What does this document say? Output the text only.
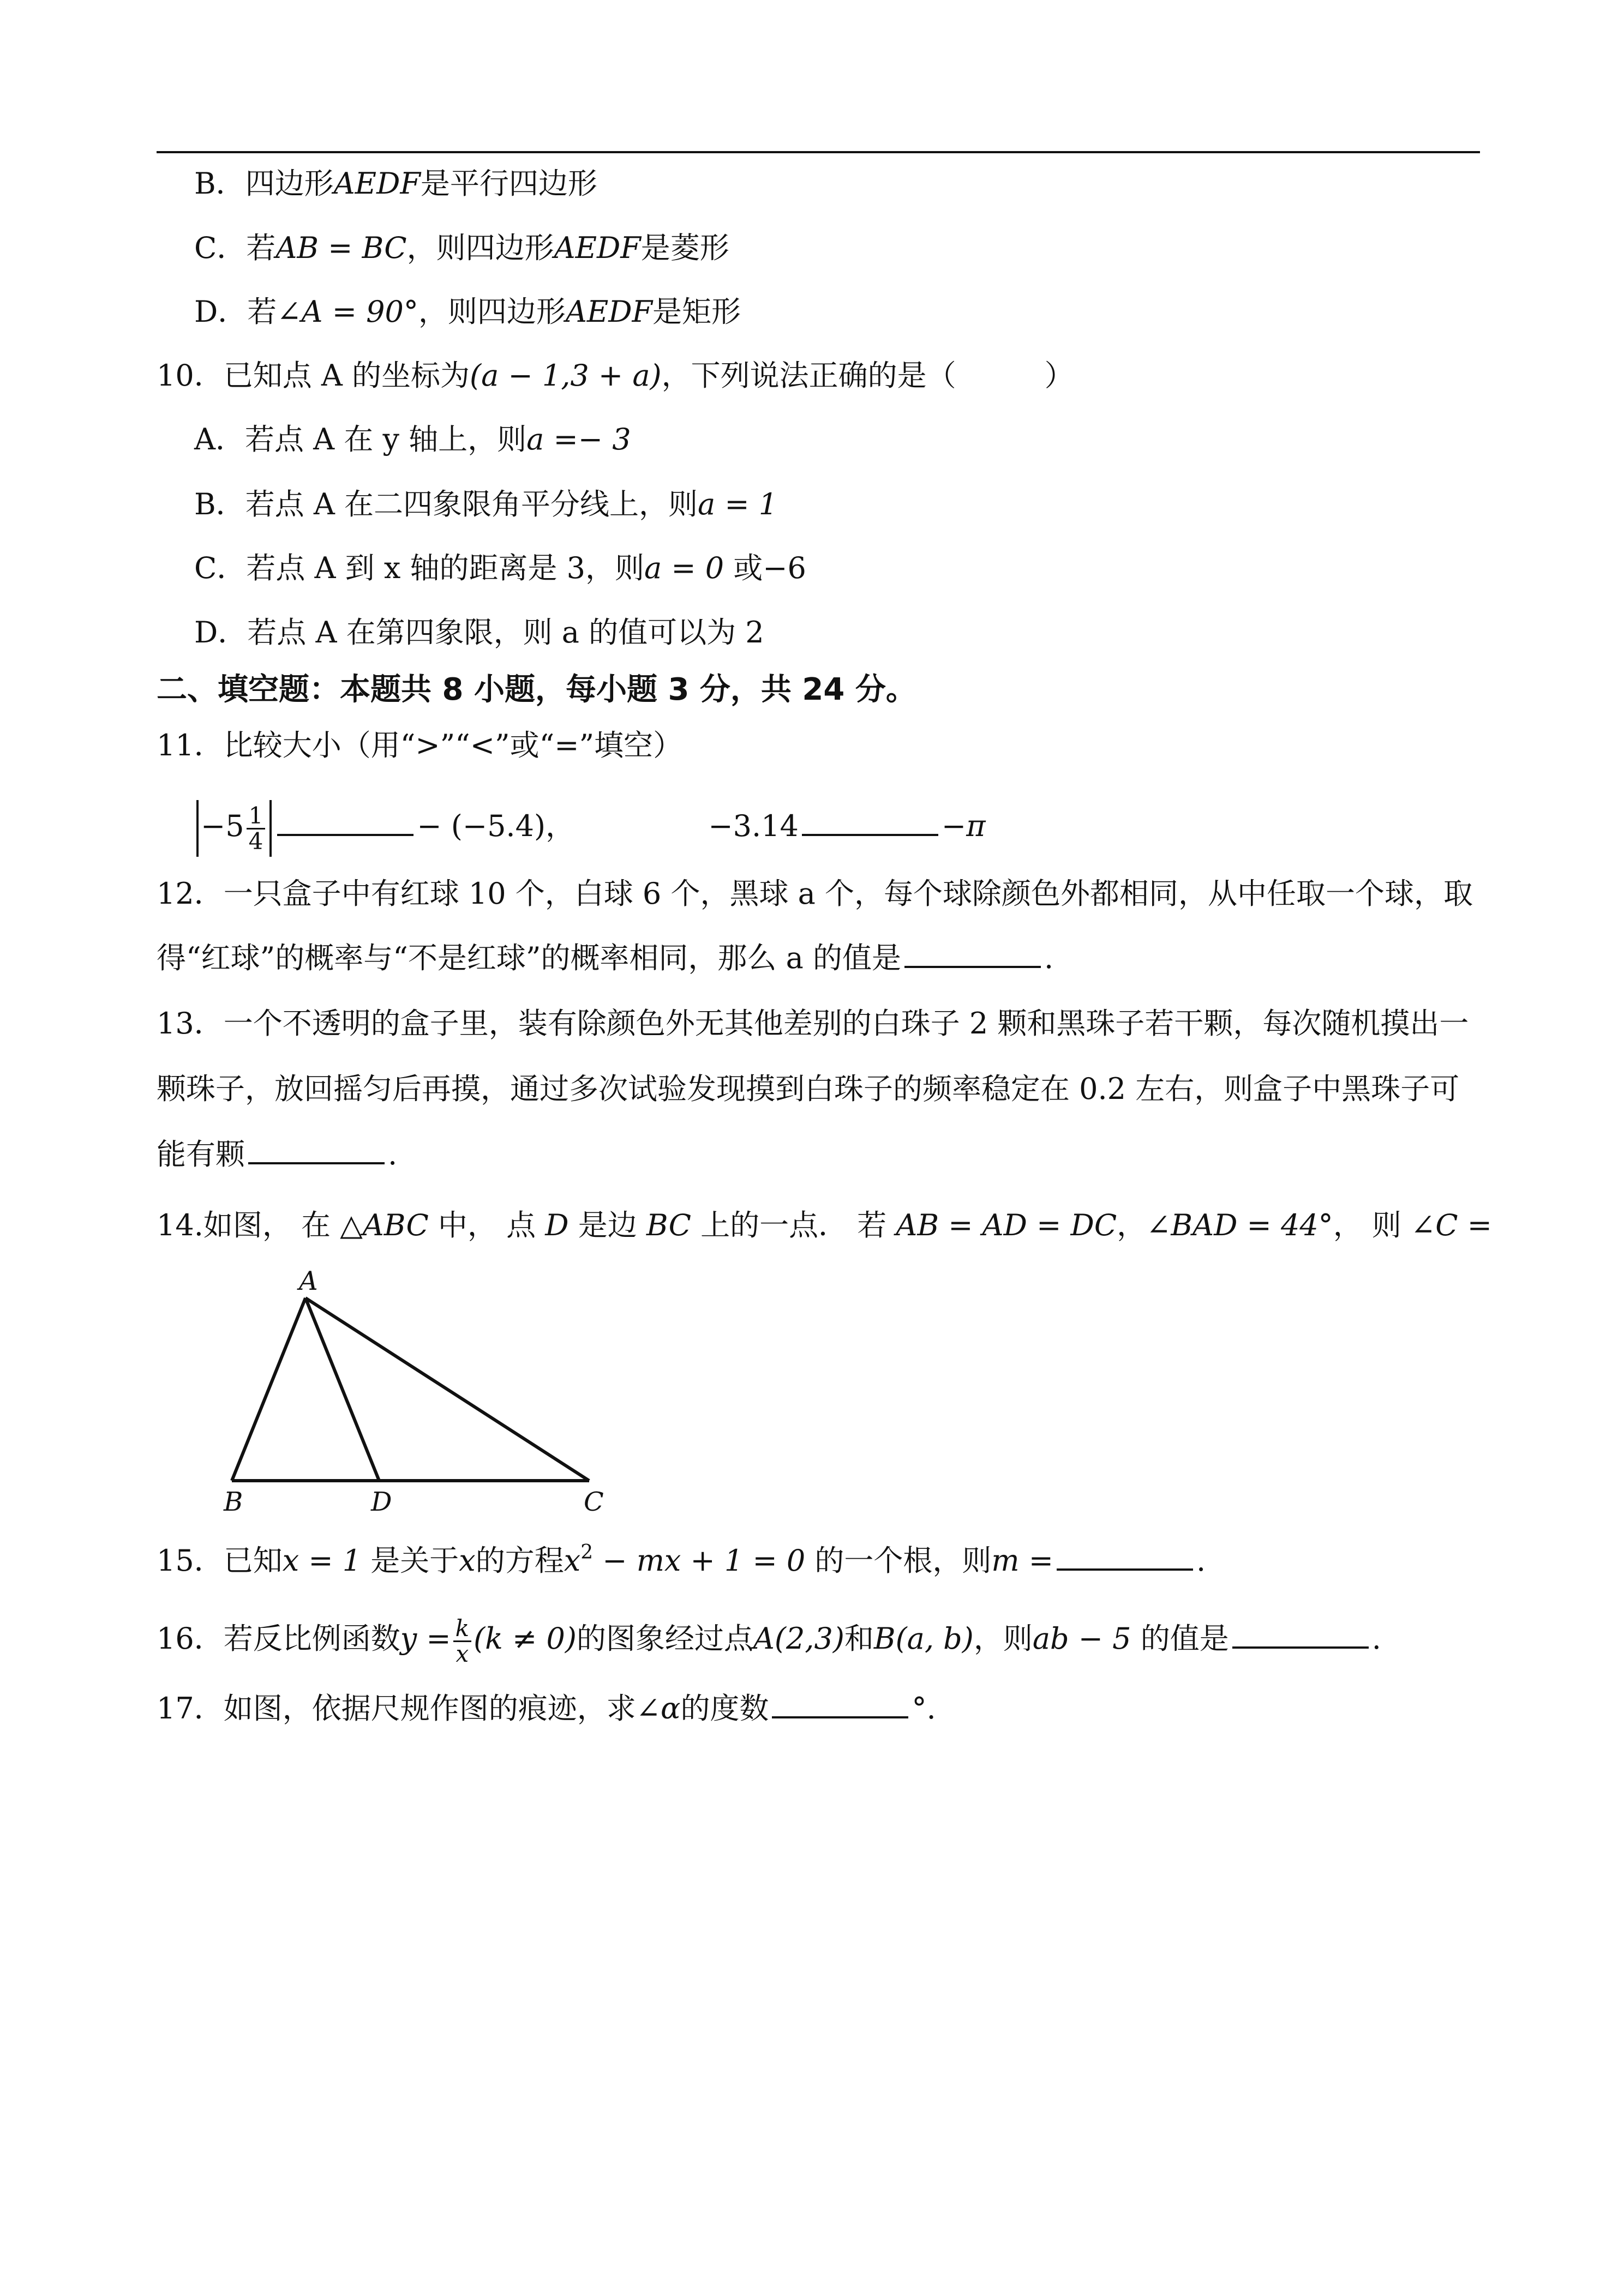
B．四边形AEDF是平行四边形
C．若AB = BC，则四边形AEDF是菱形
D．若∠A = 90°，则四边形AEDF是矩形
10．已知点 A 的坐标为(a − 1,3 + a)，下列说法正确的是（　　　）
A．若点 A 在 y 轴上，则a =− 3
B．若点 A 在二四象限角平分线上，则a = 1
C．若点 A 到 x 轴的距离是 3，则a = 0 或−6
D．若点 A 在第四象限，则 a 的值可以为 2
二、填空题：本题共 8 小题，每小题 3 分，共 24 分。
11．比较大小（用“>”“<”或“=”填空）
$-5 \frac{1}{4}$	− (−5.4)，	−3.14	−π
12．一只盒子中有红球 10 个，白球 6 个，黑球 a 个，每个球除颜色外都相同，从中任取一个球，取
得“红球”的概率与“不是红球”的概率相同，那么 a 的值是	.
13．一个不透明的盒子里，装有除颜色外无其他差别的白珠子 2 颗和黑珠子若干颗，每次随机摸出一
颗珠子，放回摇匀后再摸，通过多次试验发现摸到白珠子的频率稳定在 0.2 左右，则盒子中黑珠子可
能有颗	.
14.如图， 在 △ABC 中， 点 D 是边 BC 上的一点． 若 AB = AD = DC，∠BAD = 44°， 则 ∠C =
A
B	D	C
15．已知x = 1 是关于x的方程$x^2$ − mx + 1 = 0 的一个根，则m =	.
16．若反比例函数$y = \frac{k}{x} (k \ne 0)$的图象经过点A(2,3)和B(a, b)，则ab − 5 的值是	.
17．如图，依据尺规作图的痕迹，求∠α的度数	°.
